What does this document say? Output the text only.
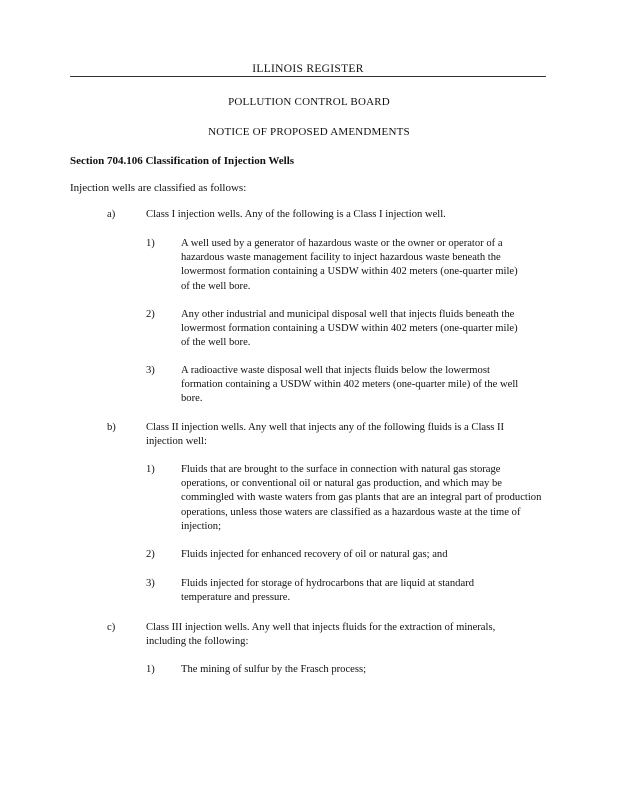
ILLINOIS REGISTER
POLLUTION CONTROL BOARD
NOTICE OF PROPOSED AMENDMENTS
Section 704.106 Classification of Injection Wells
Injection wells are classified as follows:
a)	Class I injection wells. Any of the following is a Class I injection well.
1) A well used by a generator of hazardous waste or the owner or operator of a hazardous waste management facility to inject hazardous waste beneath the lowermost formation containing a USDW within 402 meters (one-quarter mile) of the well bore.
2) Any other industrial and municipal disposal well that injects fluids beneath the lowermost formation containing a USDW within 402 meters (one-quarter mile) of the well bore.
3) A radioactive waste disposal well that injects fluids below the lowermost formation containing a USDW within 402 meters (one-quarter mile) of the well bore.
b)	Class II injection wells. Any well that injects any of the following fluids is a Class II injection well:
1) Fluids that are brought to the surface in connection with natural gas storage operations, or conventional oil or natural gas production, and which may be commingled with waste waters from gas plants that are an integral part of production operations, unless those waters are classified as a hazardous waste at the time of injection;
2) Fluids injected for enhanced recovery of oil or natural gas; and
3) Fluids injected for storage of hydrocarbons that are liquid at standard temperature and pressure.
c)	Class III injection wells. Any well that injects fluids for the extraction of minerals, including the following:
1) The mining of sulfur by the Frasch process;
